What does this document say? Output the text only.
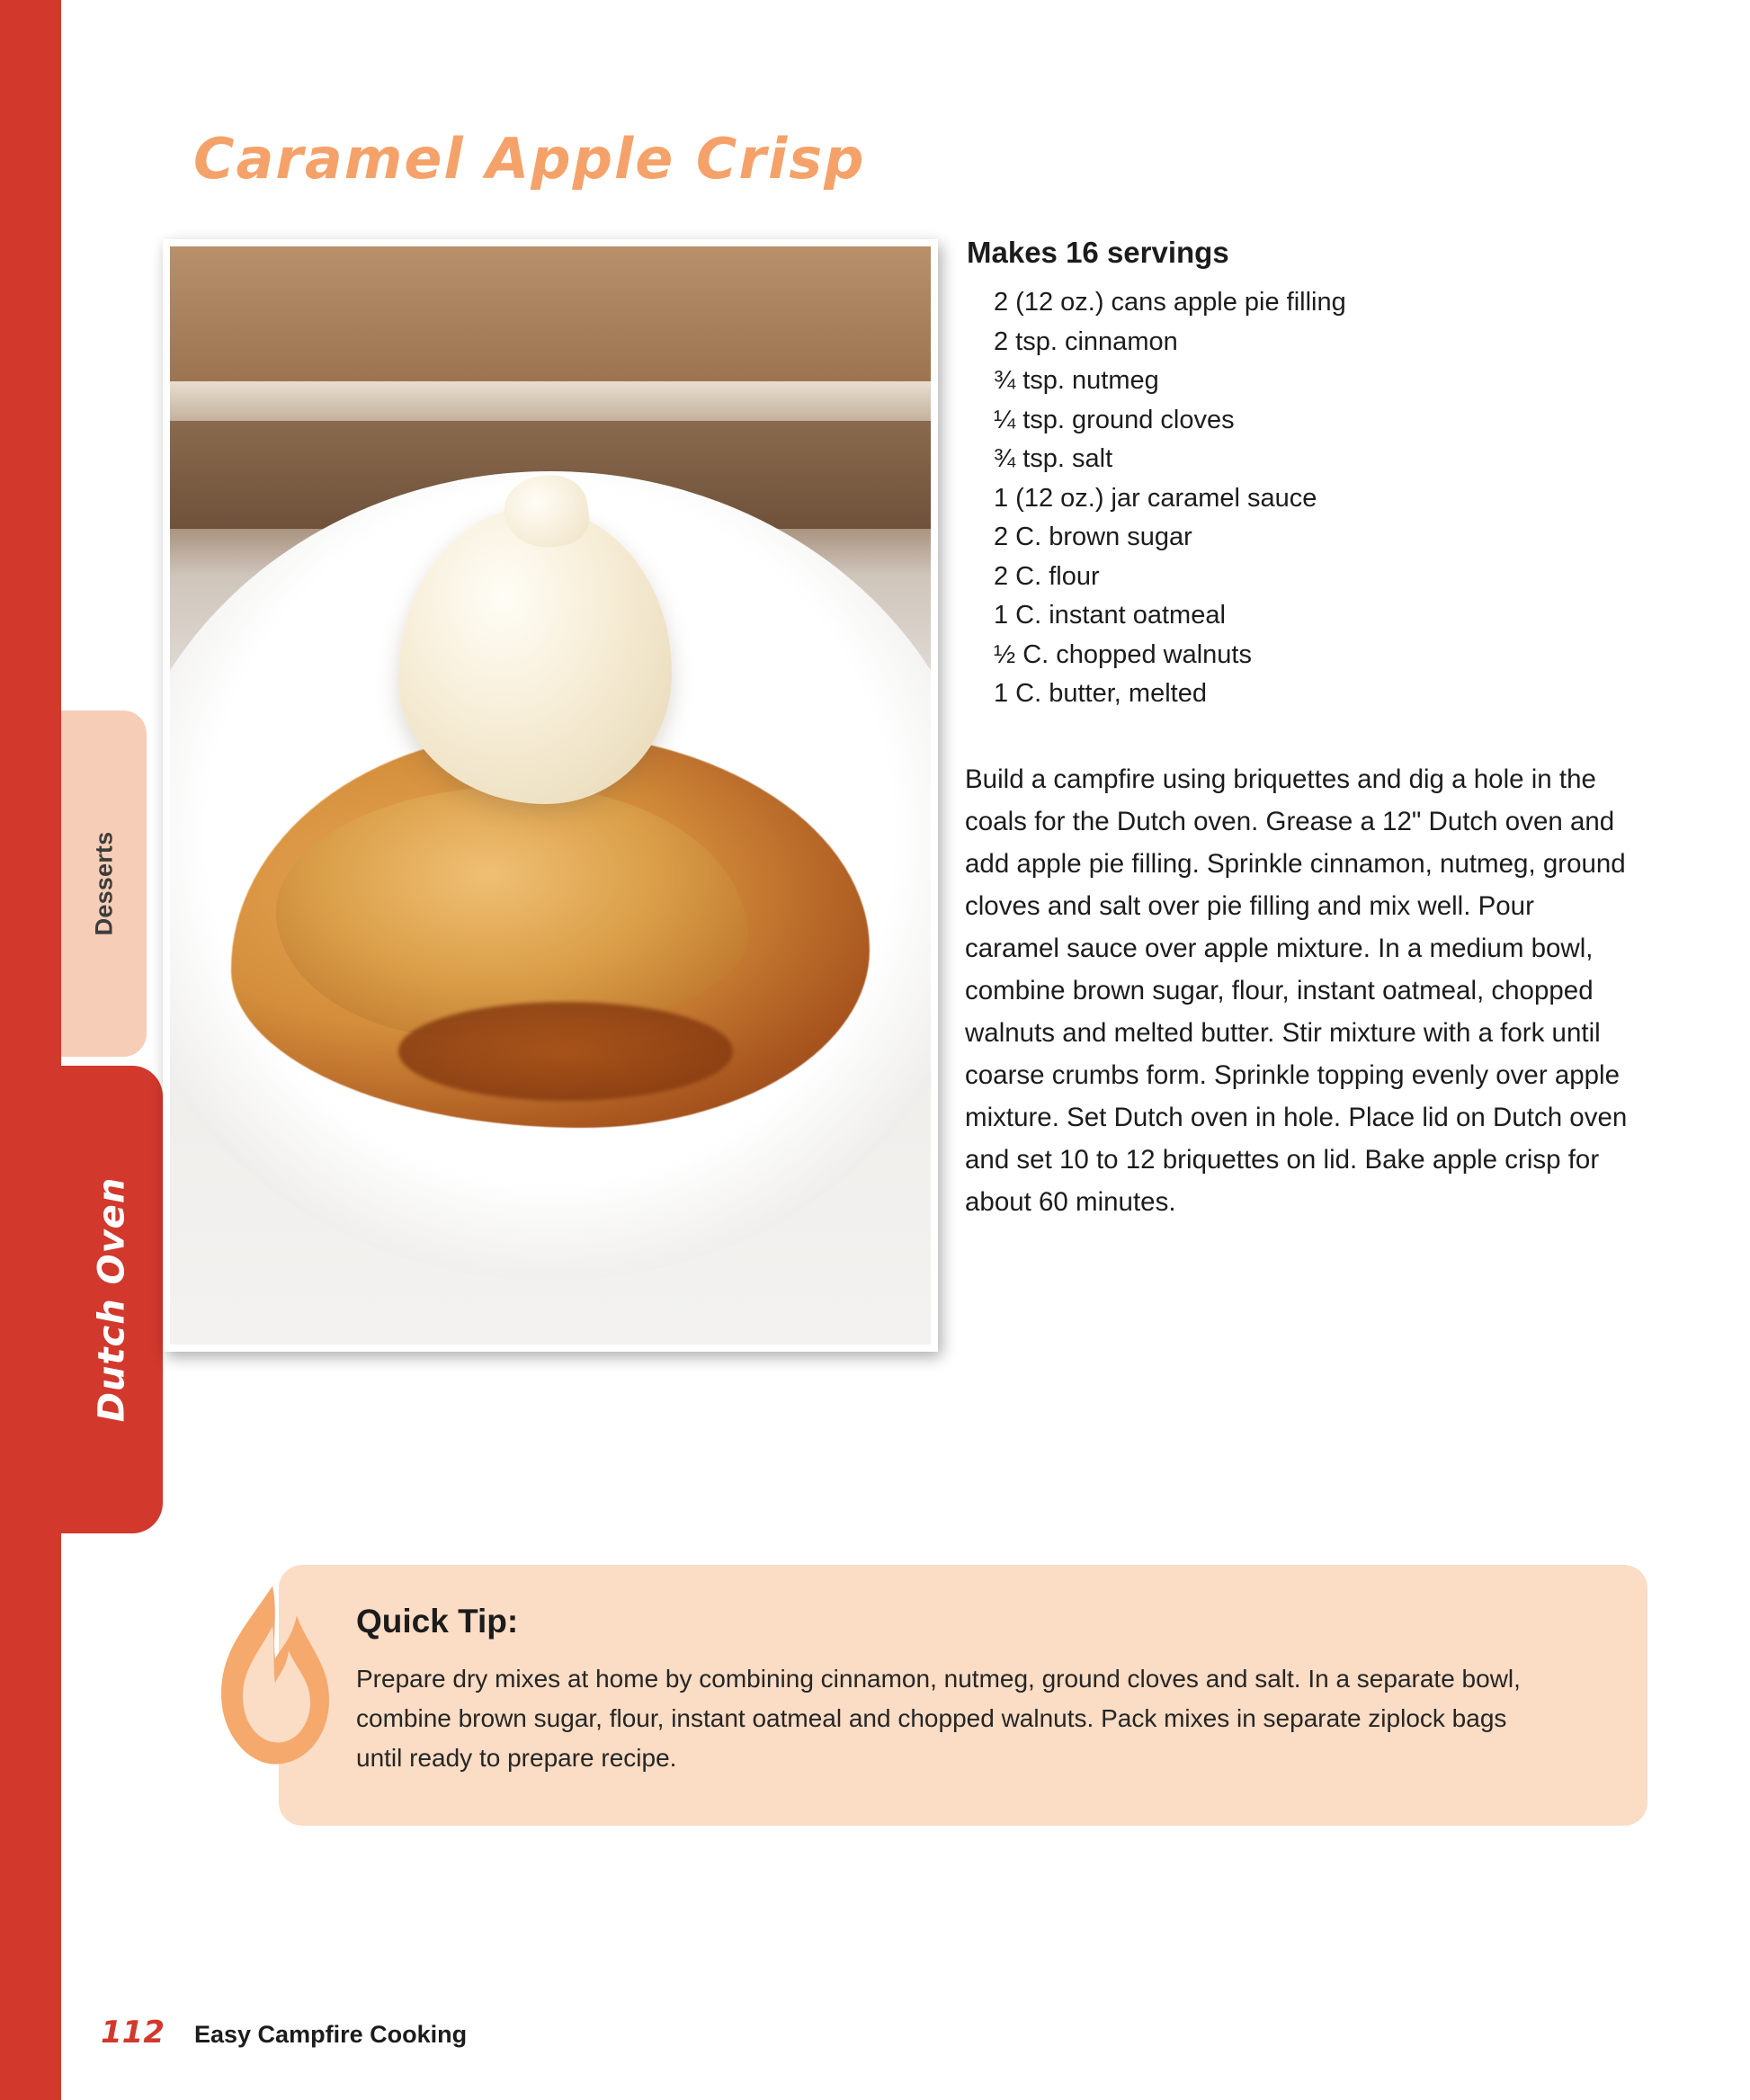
Desserts
Dutch Oven
Caramel Apple Crisp
Makes 16 servings
2 (12 oz.) cans apple pie filling
2 tsp. cinnamon
¾ tsp. nutmeg
¼ tsp. ground cloves
¾ tsp. salt
1 (12 oz.) jar caramel sauce
2 C. brown sugar
2 C. flour
1 C. instant oatmeal
½ C. chopped walnuts
1 C. butter, melted
Build a campfire using briquettes and dig a hole in the coals for the Dutch oven. Grease a 12" Dutch oven and add apple pie filling. Sprinkle cinnamon, nutmeg, ground cloves and salt over pie filling and mix well. Pour caramel sauce over apple mixture. In a medium bowl, combine brown sugar, flour, instant oatmeal, chopped walnuts and melted butter. Stir mixture with a fork until coarse crumbs form. Sprinkle topping evenly over apple mixture. Set Dutch oven in hole. Place lid on Dutch oven and set 10 to 12 briquettes on lid. Bake apple crisp for about 60 minutes.
Quick Tip:
Prepare dry mixes at home by combining cinnamon, nutmeg, ground cloves and salt. In a separate bowl, combine brown sugar, flour, instant oatmeal and chopped walnuts. Pack mixes in separate ziplock bags until ready to prepare recipe.
112 Easy Campfire Cooking
